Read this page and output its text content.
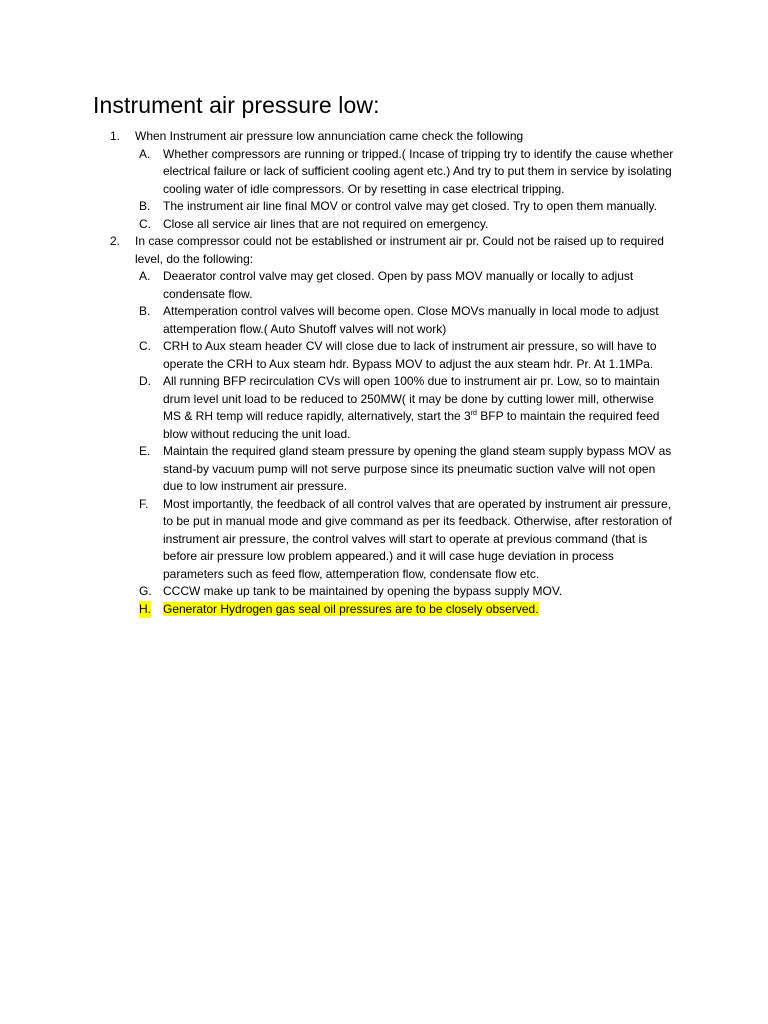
Instrument air pressure low:
1. When Instrument air pressure low annunciation came check the following
A. Whether compressors are running or tripped.( Incase of tripping try to identify the cause whether electrical failure or lack of sufficient cooling agent etc.) And try to put them in service by isolating cooling water of idle compressors. Or by resetting in case electrical tripping.
B. The instrument air line final MOV or control valve may get closed. Try to open them manually.
C. Close all service air lines that are not required on emergency.
2. In case compressor could not be established or instrument air pr. Could not be raised up to required level, do the following:
A. Deaerator control valve may get closed. Open by pass MOV manually or locally to adjust condensate flow.
B. Attemperation control valves will become open. Close MOVs manually in local mode to adjust attemperation flow.( Auto Shutoff valves will not work)
C. CRH to Aux steam header CV will close due to lack of instrument air pressure, so will have to operate the CRH to Aux steam hdr. Bypass MOV to adjust the aux steam hdr. Pr. At 1.1MPa.
D. All running BFP recirculation CVs will open 100% due to instrument air pr. Low, so to maintain drum level unit load to be reduced to 250MW( it may be done by cutting lower mill, otherwise MS & RH temp will reduce rapidly, alternatively, start the 3rd BFP to maintain the required feed blow without reducing the unit load.
E. Maintain the required gland steam pressure by opening the gland steam supply bypass MOV as stand-by vacuum pump will not serve purpose since its pneumatic suction valve will not open due to low instrument air pressure.
F. Most importantly, the feedback of all control valves that are operated by instrument air pressure, to be put in manual mode and give command as per its feedback. Otherwise, after restoration of instrument air pressure, the control valves will start to operate at previous command (that is before air pressure low problem appeared.) and it will case huge deviation in process parameters such as feed flow, attemperation flow, condensate flow etc.
G. CCCW make up tank to be maintained by opening the bypass supply MOV.
H. Generator Hydrogen gas seal oil pressures are to be closely observed.
